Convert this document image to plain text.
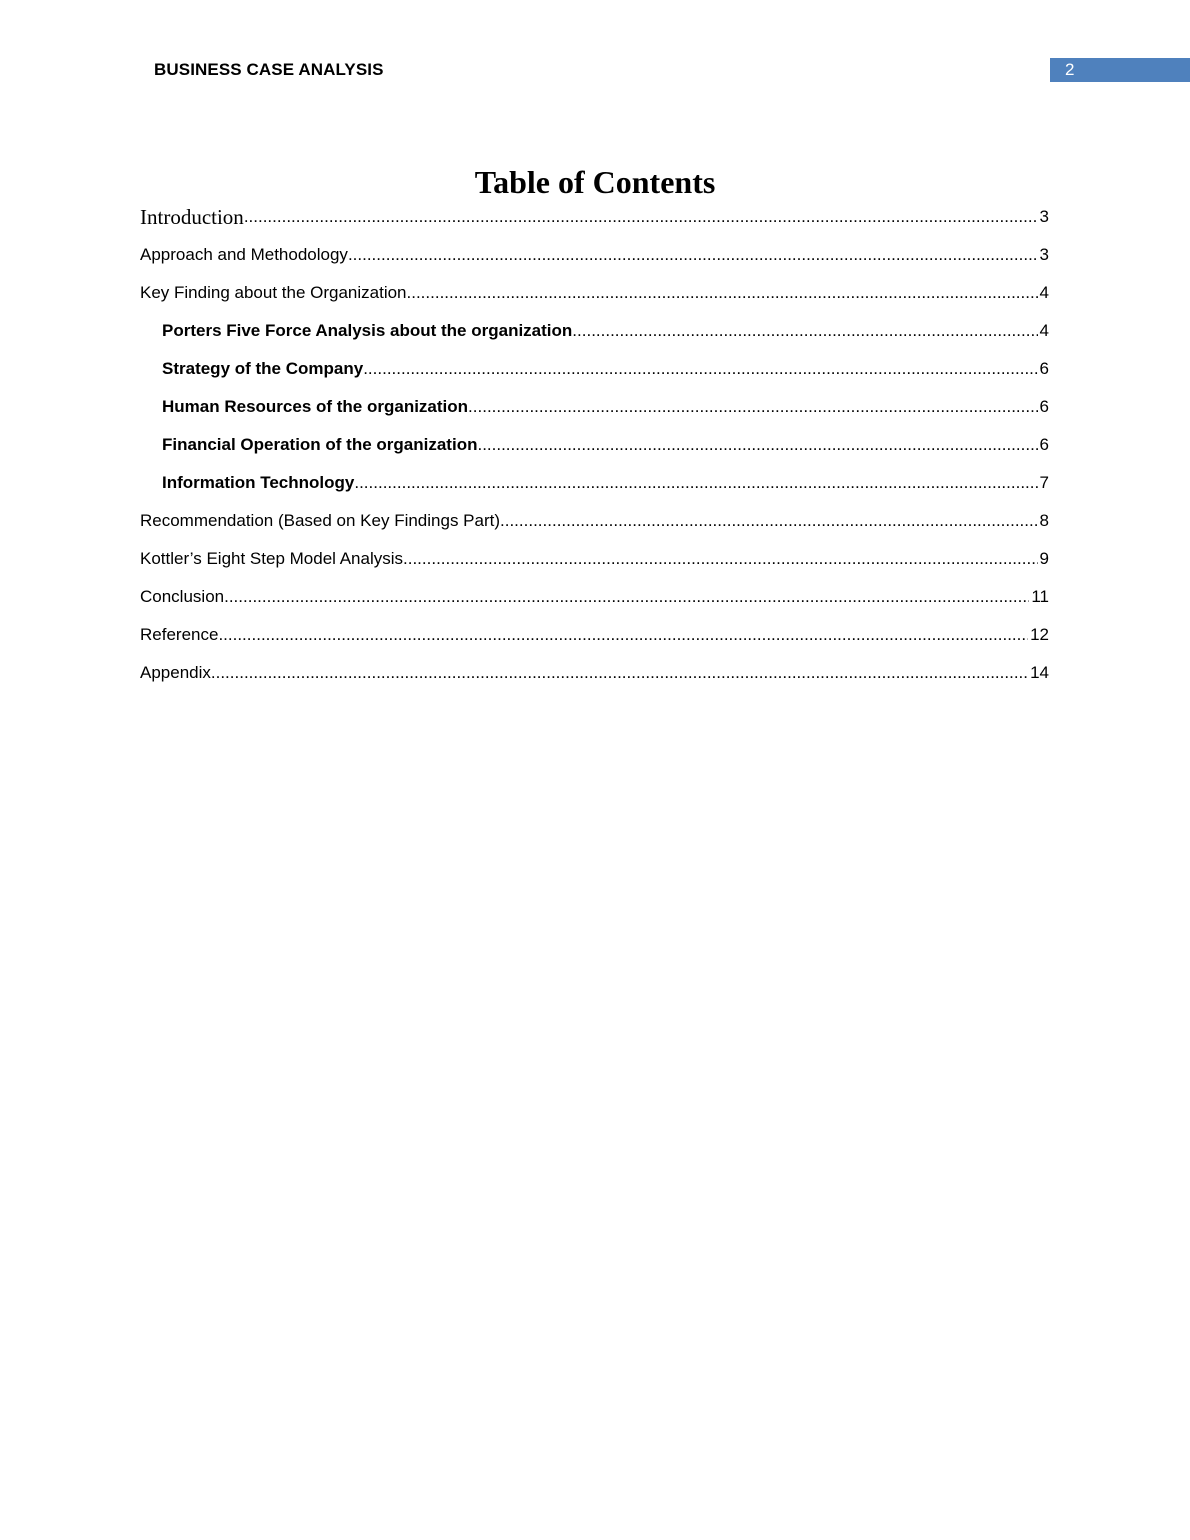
BUSINESS CASE ANALYSIS	2
Table of Contents
Introduction .....	3
Approach and Methodology .....	3
Key Finding about the Organization .....	4
Porters Five Force Analysis about the organization .....	4
Strategy of the Company .....	6
Human Resources of the organization .....	6
Financial Operation of the organization .....	6
Information Technology .....	7
Recommendation (Based on Key Findings Part) .....	8
Kottler’s Eight Step Model Analysis .....	9
Conclusion .....	11
Reference .....	12
Appendix .....	14
